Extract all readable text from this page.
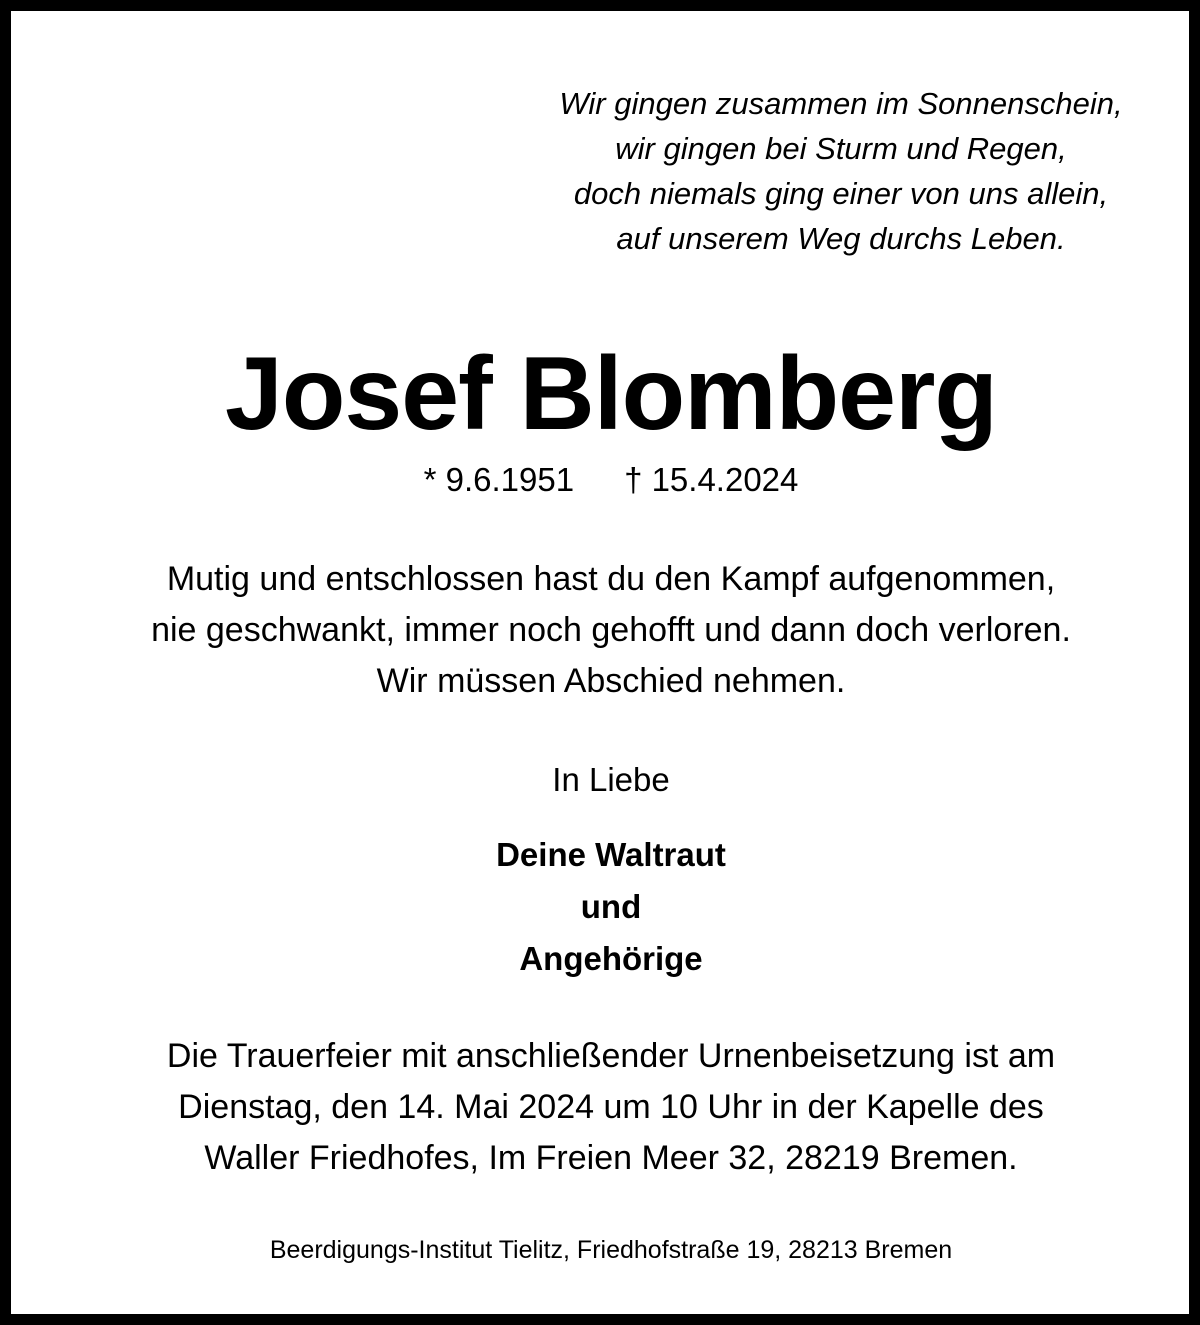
Wir gingen zusammen im Sonnenschein,
wir gingen bei Sturm und Regen,
doch niemals ging einer von uns allein,
auf unserem Weg durchs Leben.
Josef Blomberg
* 9.6.1951 † 15.4.2024
Mutig und entschlossen hast du den Kampf aufgenommen,
nie geschwankt, immer noch gehofft und dann doch verloren.
Wir müssen Abschied nehmen.
In Liebe
Deine Waltraut
und
Angehörige
Die Trauerfeier mit anschließender Urnenbeisetzung ist am
Dienstag, den 14. Mai 2024 um 10 Uhr in der Kapelle des
Waller Friedhofes, Im Freien Meer 32, 28219 Bremen.
Beerdigungs-Institut Tielitz, Friedhofstraße 19, 28213 Bremen
